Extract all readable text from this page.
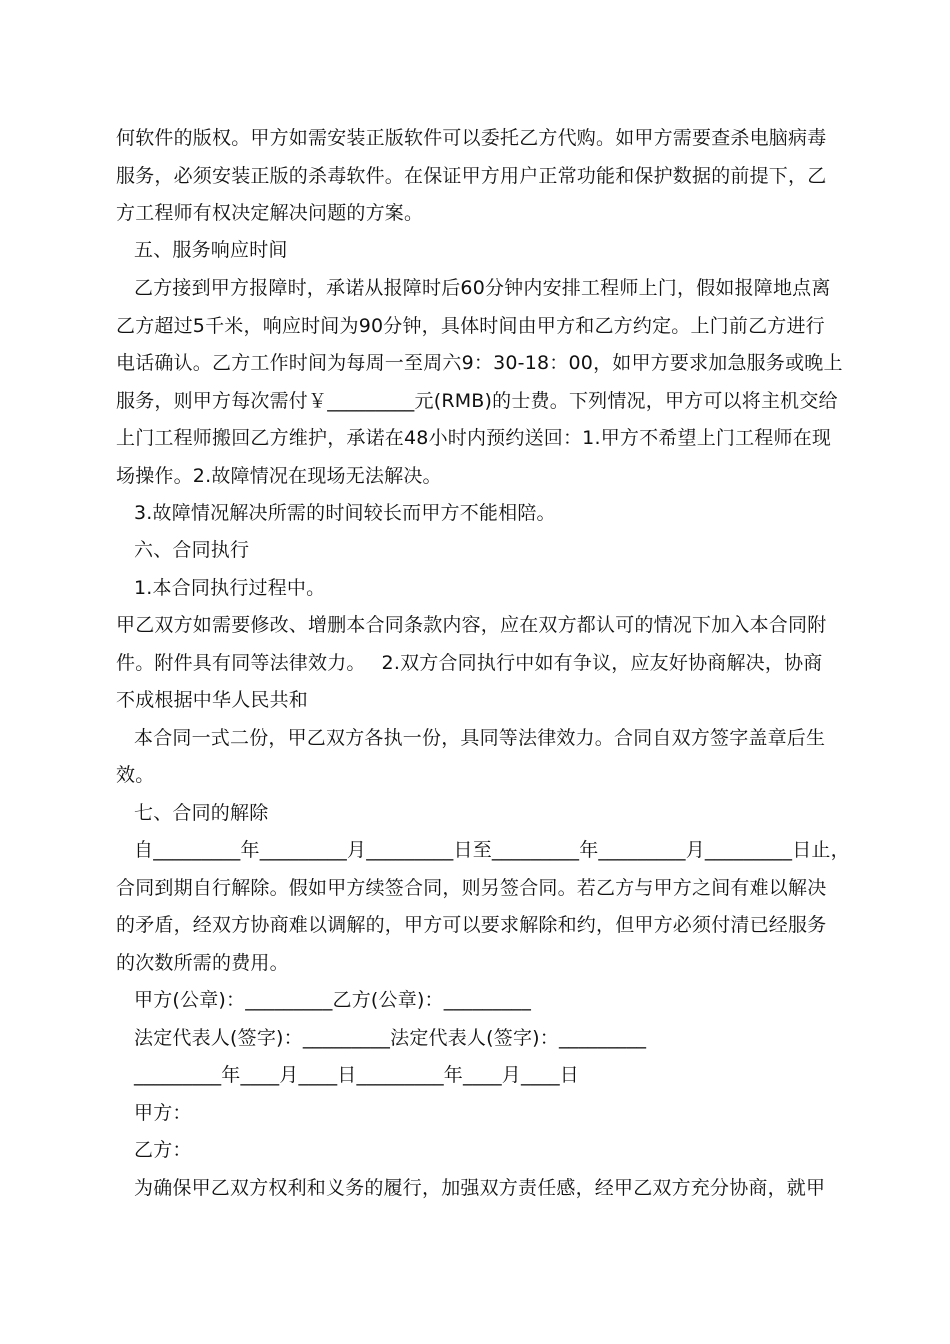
何软件的版权。甲方如需安装正版软件可以委托乙方代购。如甲方需要查杀电脑病毒
服务，必须安装正版的杀毒软件。在保证甲方用户正常功能和保护数据的前提下，乙
方工程师有权决定解决问题的方案。
五、服务响应时间
乙方接到甲方报障时，承诺从报障时后60分钟内安排工程师上门，假如报障地点离
乙方超过5千米，响应时间为90分钟，具体时间由甲方和乙方约定。上门前乙方进行
电话确认。乙方工作时间为每周一至周六9：30-18：00，如甲方要求加急服务或晚上
服务，则甲方每次需付￥_________元(RMB)的士费。下列情况，甲方可以将主机交给
上门工程师搬回乙方维护，承诺在48小时内预约送回：1.甲方不希望上门工程师在现
场操作。2.故障情况在现场无法解决。
3.故障情况解决所需的时间较长而甲方不能相陪。
六、合同执行
1.本合同执行过程中。
甲乙双方如需要修改、增删本合同条款内容，应在双方都认可的情况下加入本合同附
件。附件具有同等法律效力。　 2.双方合同执行中如有争议，应友好协商解决，协商
不成根据中华人民共和
本合同一式二份，甲乙双方各执一份，具同等法律效力。合同自双方签字盖章后生
效。
七、合同的解除
自_________年_________月_________日至_________年_________月_________日止，
合同到期自行解除。假如甲方续签合同，则另签合同。若乙方与甲方之间有难以解决
的矛盾，经双方协商难以调解的，甲方可以要求解除和约，但甲方必须付清已经服务
的次数所需的费用。
甲方(公章)：_________乙方(公章)：_________
法定代表人(签字)：_________法定代表人(签字)：_________
_________年____月____日_________年____月____日
甲方：
乙方：
为确保甲乙双方权利和义务的履行，加强双方责任感，经甲乙双方充分协商，就甲
